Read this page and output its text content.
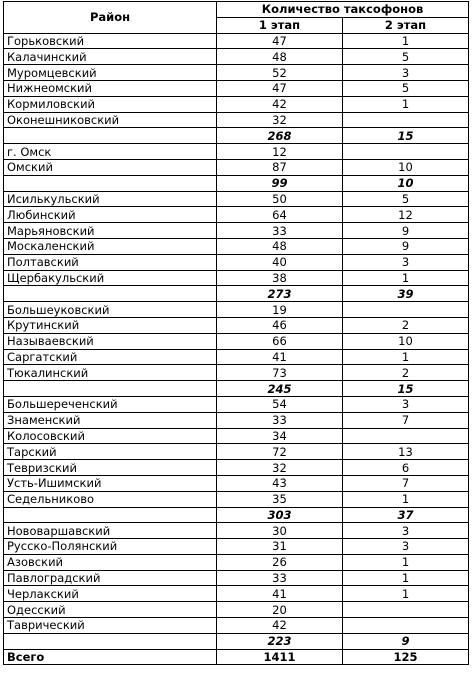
Район	Количество таксофонов	
	1 этап	2 этап
Горьковский	47	1
Калачинский	48	5
Муромцевский	52	3
Нижнеомский	47	5
Кормиловский	42	1
Оконешниковский	32	
	268	15
г. Омск	12	
Омский	87	10
	99	10
Исилькульский	50	5
Любинский	64	12
Марьяновский	33	9
Москаленский	48	9
Полтавский	40	3
Щербакульский	38	1
	273	39
Большеуковский	19	
Крутинский	46	2
Называевский	66	10
Саргатский	41	1
Тюкалинский	73	2
	245	15
Большереченский	54	3
Знаменский	33	7
Колосовский	34	
Тарский	72	13
Тевризский	32	6
Усть-Ишимский	43	7
Седельниково	35	1
	303	37
Нововаршавский	30	3
Русско-Полянский	31	3
Азовский	26	1
Павлоградский	33	1
Черлакский	41	1
Одесский	20	
Таврический	42	
	223	9
Всего	1411	125
